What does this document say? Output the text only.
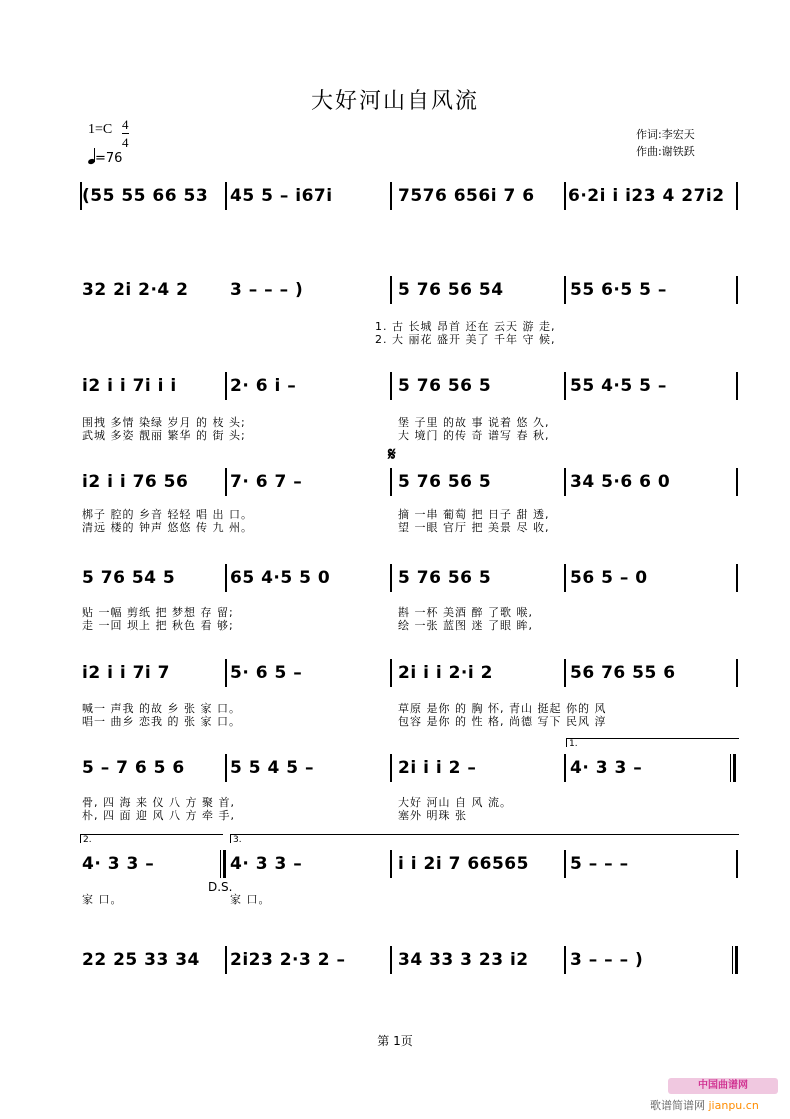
大好河山自风流
1=C 4
4
=76
作词:李宏天
作曲:谢铁跃
(55 55 66 53 45 5 – i67i	7576 656i 7 6 6·2i i i23 4 27i2
32 2i 2·4 2 3 – – – )	5 76 56 54	55 6·5 5 –
1. 古 长城 昂首 还在 云天 游 走,
2. 大 丽花 盛开 美了 千年 守 候,
i2 i i 7i i i	2· 6 i –	5 76 56 5	55 4·5 5 –
围拽 多情 染绿 岁月 的 枝 头;
武城 多姿 靓丽 繁华 的 街 头;
堡 子里 的故 事 说着 悠 久,
大 境门 的传 奇 谱写 春 秋,
𝄋
i2 i i 76 56 7· 6 7 –	5 76 56 5	34 5·6 6 0
梆子 腔的 乡音 轻轻 唱 出 口。
清远 楼的 钟声 悠悠 传 九 州。
摘 一串 葡萄 把 日子 甜 透,
望 一眼 官厅 把 美景 尽 收,
5 76 54 5	65 4·5 5 0	5 76 56 5	56 5 – 0
贴 一幅 剪纸 把 梦想 存 留;
走 一回 坝上 把 秋色 看 够;
斟 一杯 美酒 醉 了歌 喉,
绘 一张 蓝图 迷 了眼 眸,
i2 i i 7i 7	5· 6 5 –	2i i i 2·i 2	56 76 55 6
喊一 声我 的故 乡 张 家 口。
唱一 曲乡 恋我 的 张 家 口。
草原 是你 的 胸 怀, 青山 挺起 你的 风
包容 是你 的 性 格, 尚德 写下 民风 淳
1.
5 – 7 6 5 6	5 5 4 5 –	2i i i 2 –	4· 3 3 –
骨, 四 海 来 仪 八 方 聚 首,
朴, 四 面 迎 风 八 方 牵 手,
大好 河山 自 风 流。
塞外 明珠 张
2.	3.
4· 3 3 –	4· 3 3 –	i i 2i 7 66565 5 – – –
D.S.
家 口。	家 口。
22 25 33 34 2i23 2·3 2 –	34 33 3 23 i2 3 – – – )
第 1页
中国曲谱网
歌谱简谱网 jianpu.cn
